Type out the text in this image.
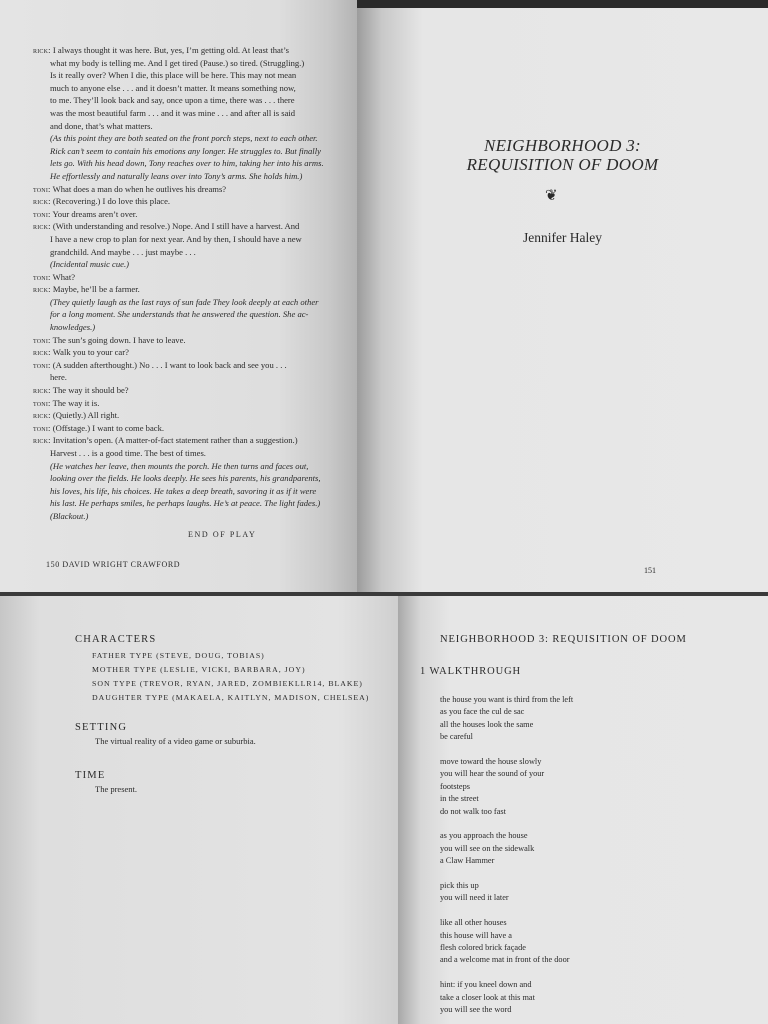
rick: I always thought it was here. But, yes, I’m getting old. At least that’s
what my body is telling me. And I get tired (Pause.) so tired. (Struggling.)
Is it really over? When I die, this place will be here. This may not mean
much to anyone else . . . and it doesn’t matter. It means something now,
to me. They’ll look back and say, once upon a time, there was . . . there
was the most beautiful farm . . . and it was mine . . . and after all is said
and done, that’s what matters.
(As this point they are both seated on the front porch steps, next to each other.
Rick can’t seem to contain his emotions any longer. He struggles to. But finally
lets go. With his head down, Tony reaches over to him, taking her into his arms.
He effortlessly and naturally leans over into Tony’s arms. She holds him.)
toni: What does a man do when he outlives his dreams?
rick: (Recovering.) I do love this place.
toni: Your dreams aren’t over.
rick: (With understanding and resolve.) Nope. And I still have a harvest. And
I have a new crop to plan for next year. And by then, I should have a new
grandchild. And maybe . . . just maybe . . .
(Incidental music cue.)
toni: What?
rick: Maybe, he’ll be a farmer.
(They quietly laugh as the last rays of sun fade They look deeply at each other
for a long moment. She understands that he answered the question. She ac-
knowledges.)
toni: The sun’s going down. I have to leave.
rick: Walk you to your car?
toni: (A sudden afterthought.) No . . . I want to look back and see you . . .
here.
rick: The way it should be?
toni: The way it is.
rick: (Quietly.) All right.
toni: (Offstage.) I want to come back.
rick: Invitation’s open. (A matter-of-fact statement rather than a suggestion.)
Harvest . . . is a good time. The best of times.
(He watches her leave, then mounts the porch. He then turns and faces out,
looking over the fields. He looks deeply. He sees his parents, his grandparents,
his loves, his life, his choices. He takes a deep breath, savoring it as if it were
his last. He perhaps smiles, he perhaps laughs. He’s at peace. The light fades.)
(Blackout.)
END OF PLAY
150 DAVID WRIGHT CRAWFORD
NEIGHBORHOOD 3:
REQUISITION OF DOOM
❦
Jennifer Haley
151
CHARACTERS
FATHER TYPE (STEVE, DOUG, TOBIAS)
MOTHER TYPE (LESLIE, VICKI, BARBARA, JOY)
SON TYPE (TREVOR, RYAN, JARED, ZOMBIEKLLR14, BLAKE)
DAUGHTER TYPE (MAKAELA, KAITLYN, MADISON, CHELSEA)
SETTING
The virtual reality of a video game or suburbia.
TIME
The present.
NEIGHBORHOOD 3: REQUISITION OF DOOM
1 WALKTHROUGH
the house you want is third from the left
as you face the cul de sac
all the houses look the same
be careful
move toward the house slowly
you will hear the sound of your
footsteps
in the street
do not walk too fast
as you approach the house
you will see on the sidewalk
a Claw Hammer
pick this up
you will need it later
like all other houses
this house will have a
flesh colored brick façade
and a welcome mat in front of the door
hint: if you kneel down and
take a closer look at this mat
you will see the word
